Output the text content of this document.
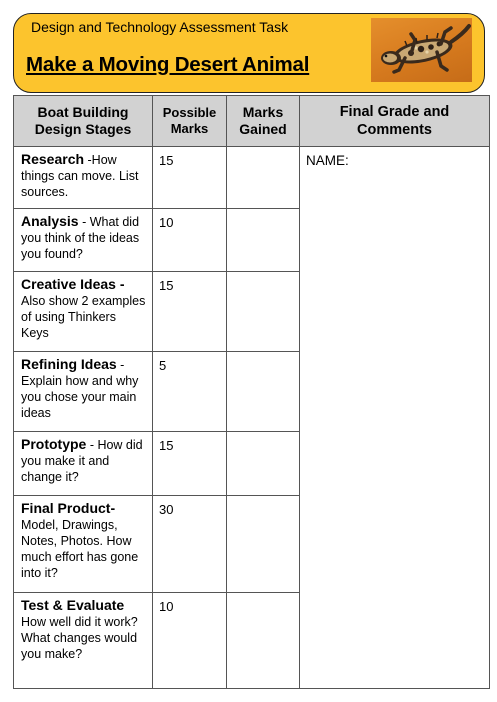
Design and Technology Assessment Task
Make a Moving Desert Animal
Boat Building Design Stages	Possible Marks	Marks Gained	Final Grade and Comments
Research -How things can move. List sources.	15		NAME:
Analysis - What did you think of the ideas you found?	10		
Creative Ideas - Also show 2 examples of using Thinkers Keys	15		
Refining Ideas - Explain how and why you chose your main ideas	5		
Prototype - How did you make it and change it?	15		
Final Product- Model, Drawings, Notes, Photos. How much effort has gone into it?	30		
Test & Evaluate How well did it work? What changes would you make?	10		
